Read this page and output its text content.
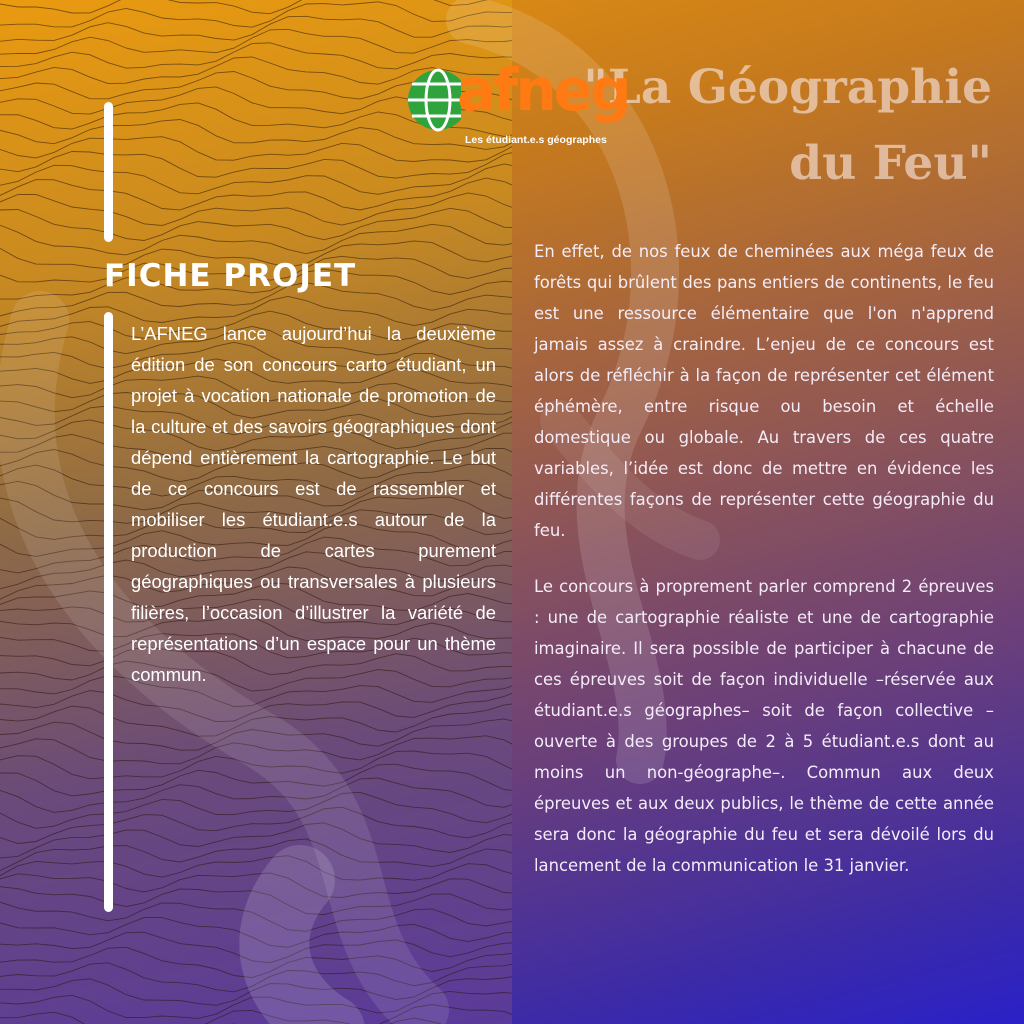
FICHE PROJET

L’AFNEG lance aujourd’hui la deuxième édition de son concours carto étudiant, un projet à vocation nationale de promotion de la culture et des savoirs géographiques dont dépend entièrement la cartographie. Le but de ce concours est de rassembler et mobiliser les étudiant.e.s autour de la production de cartes purement géographiques ou transversales à plusieurs filières, l’occasion d’illustrer la variété de représentations d’un espace pour un thème commun.

"La Géographie
du Feu"

En effet, de nos feux de cheminées aux méga feux de forêts qui brûlent des pans entiers de continents, le feu est une ressource élémentaire que l'on n'apprend jamais assez à craindre. L’enjeu de ce concours est alors de réfléchir à la façon de représenter cet élément éphémère, entre risque ou besoin et échelle domestique ou globale. Au travers de ces quatre variables, l’idée est donc de mettre en évidence les différentes façons de représenter cette géographie du feu.

Le concours à proprement parler comprend 2 épreuves : une de cartographie réaliste et une de cartographie imaginaire. Il sera possible de participer à chacune de ces épreuves soit de façon individuelle –réservée aux étudiant.e.s géographes– soit de façon collective –ouverte à des groupes de 2 à 5 étudiant.e.s dont au moins un non-géographe–. Commun aux deux épreuves et aux deux publics, le thème de cette année sera donc la géographie du feu et sera dévoilé lors du lancement de la communication le 31 janvier.

afneg
Les étudiant.e.s géographes
